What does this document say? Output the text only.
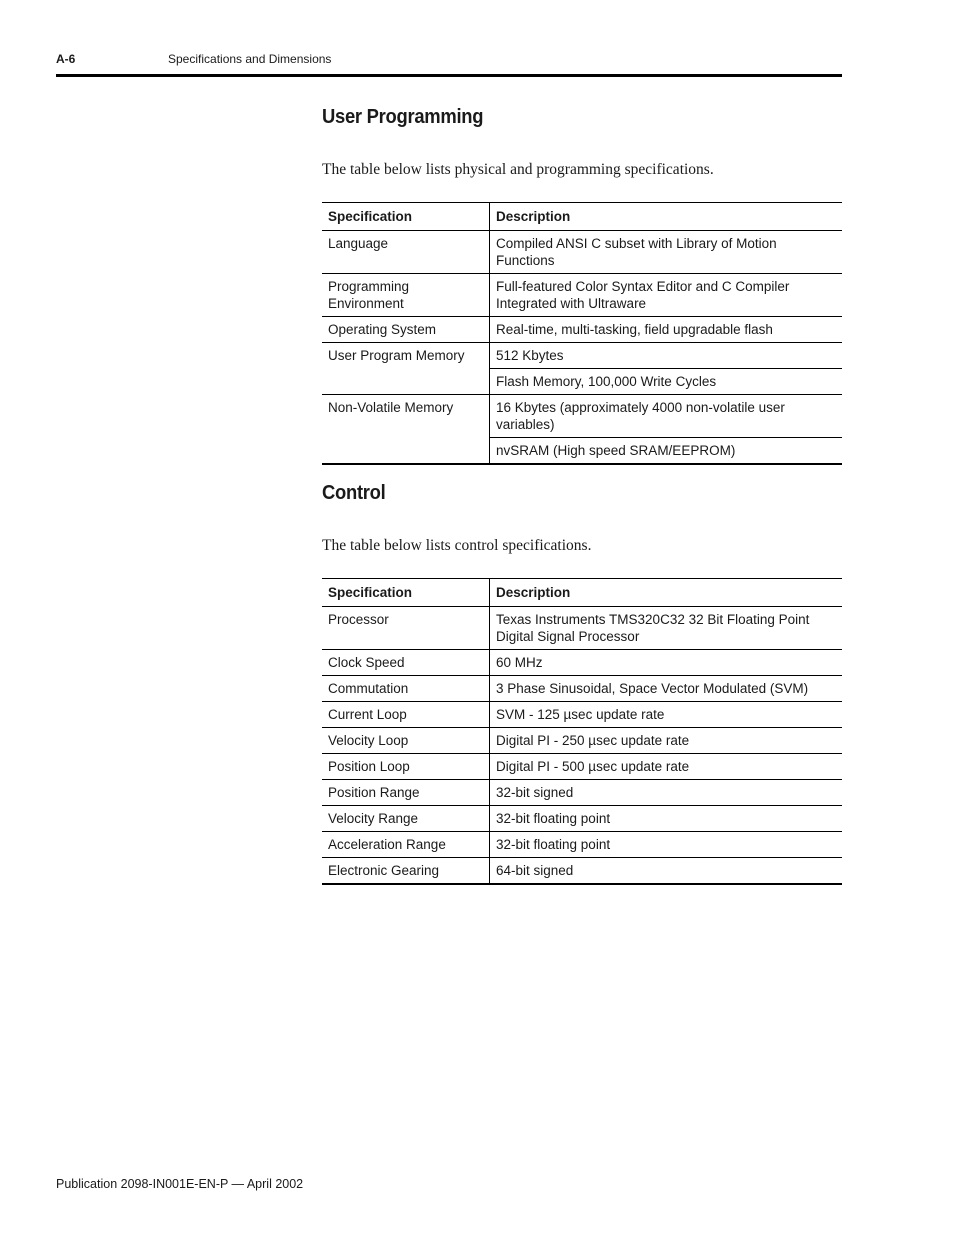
A-6	Specifications and Dimensions
User Programming
The table below lists physical and programming specifications.
Specification	Description
Language	Compiled ANSI C subset with Library of Motion Functions
Programming Environment	Full-featured Color Syntax Editor and C Compiler Integrated with Ultraware
Operating System	Real-time, multi-tasking, field upgradable flash
User Program Memory	512 Kbytes
	Flash Memory, 100,000 Write Cycles
Non-Volatile Memory	16 Kbytes (approximately 4000 non-volatile user variables)
	nvSRAM (High speed SRAM/EEPROM)
Control
The table below lists control specifications.
Specification	Description
Processor	Texas Instruments TMS320C32 32 Bit Floating Point Digital Signal Processor
Clock Speed	60 MHz
Commutation	3 Phase Sinusoidal, Space Vector Modulated (SVM)
Current Loop	SVM - 125 µsec update rate
Velocity Loop	Digital PI - 250 µsec update rate
Position Loop	Digital PI - 500 µsec update rate
Position Range	32-bit signed
Velocity Range	32-bit floating point
Acceleration Range	32-bit floating point
Electronic Gearing	64-bit signed
Publication 2098-IN001E-EN-P — April 2002
